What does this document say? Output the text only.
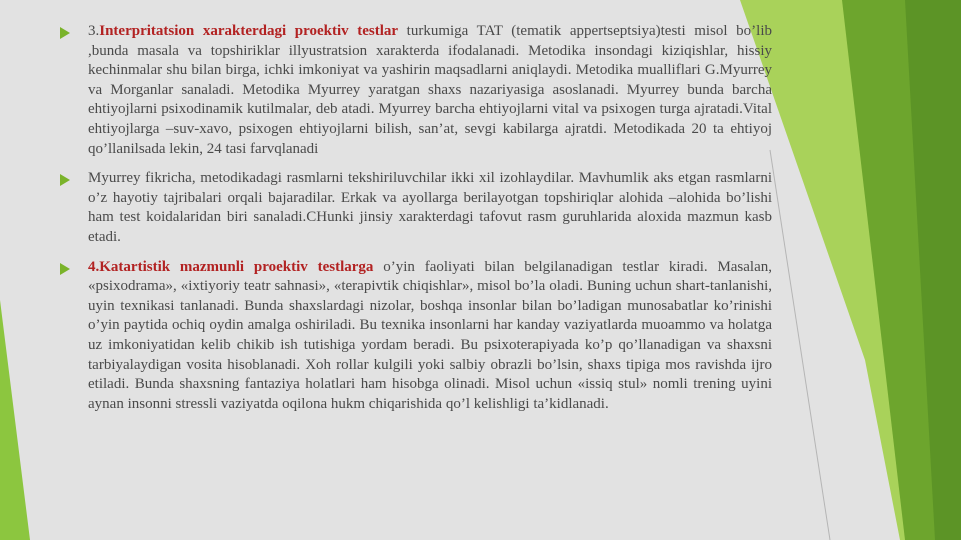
3.Interpritatsion xarakterdagi proektiv testlar turkumiga TAT (tematik appertseptsiya)testi misol bo’lib ,bunda masala va topshiriklar illyustratsion xarakterda ifodalanadi. Metodika insondagi kiziqishlar, hissiy kechinmalar shu bilan birga, ichki imkoniyat va yashirin maqsadlarni aniqlaydi. Metodika mualliflari G.Myurrey va Morganlar sanaladi. Metodika Myurrey yaratgan shaxs nazariyasiga asoslanadi. Myurrey bunda barcha ehtiyojlarni psixodinamik kutilmalar, deb atadi. Myurrey barcha ehtiyojlarni vital va psixogen turga ajratadi.Vital ehtiyojlarga –suv-xavo, psixogen ehtiyojlarni bilish, san’at, sevgi kabilarga ajratdi. Metodikada 20 ta ehtiyoj qo’llanilsada lekin, 24 tasi farvqlanadi

Myurrey fikricha, metodikadagi rasmlarni tekshiriluvchilar ikki xil izohlaydilar. Mavhumlik aks etgan rasmlarni o’z hayotiy tajribalari orqali bajaradilar. Erkak va ayollarga berilayotgan topshiriqlar alohida –alohida bo’lishi ham test koidalaridan biri sanaladi.CHunki jinsiy xarakterdagi tafovut rasm guruhlarida aloxida mazmun kasb etadi.

4.Katartistik mazmunli proektiv testlarga o’yin faoliyati bilan belgilanadigan testlar kiradi. Masalan, «psixodrama», «ixtiyoriy teatr sahnasi», «terapivtik chiqishlar», misol bo’la oladi. Buning uchun shart-tanlanishi, uyin texnikasi tanlanadi. Bunda shaxslardagi nizolar, boshqa insonlar bilan bo’ladigan munosabatlar ko’rinishi o’yin paytida ochiq oydin amalga oshiriladi. Bu texnika insonlarni har kanday vaziyatlarda muoammo va holatga uz imkoniyatidan kelib chikib ish tutishiga yordam beradi. Bu psixoterapiyada ko’p qo’llanadigan va shaxsni tarbiyalaydigan vosita hisoblanadi. Xoh rollar kulgili yoki salbiy obrazli bo’lsin, shaxs tipiga mos ravishda ijro etiladi. Bunda shaxsning fantaziya holatlari ham hisobga olinadi. Misol uchun «issiq stul» nomli trening uyini aynan insonni stressli vaziyatda oqilona hukm chiqarishida qo’l kelishligi ta’kidlanadi.
